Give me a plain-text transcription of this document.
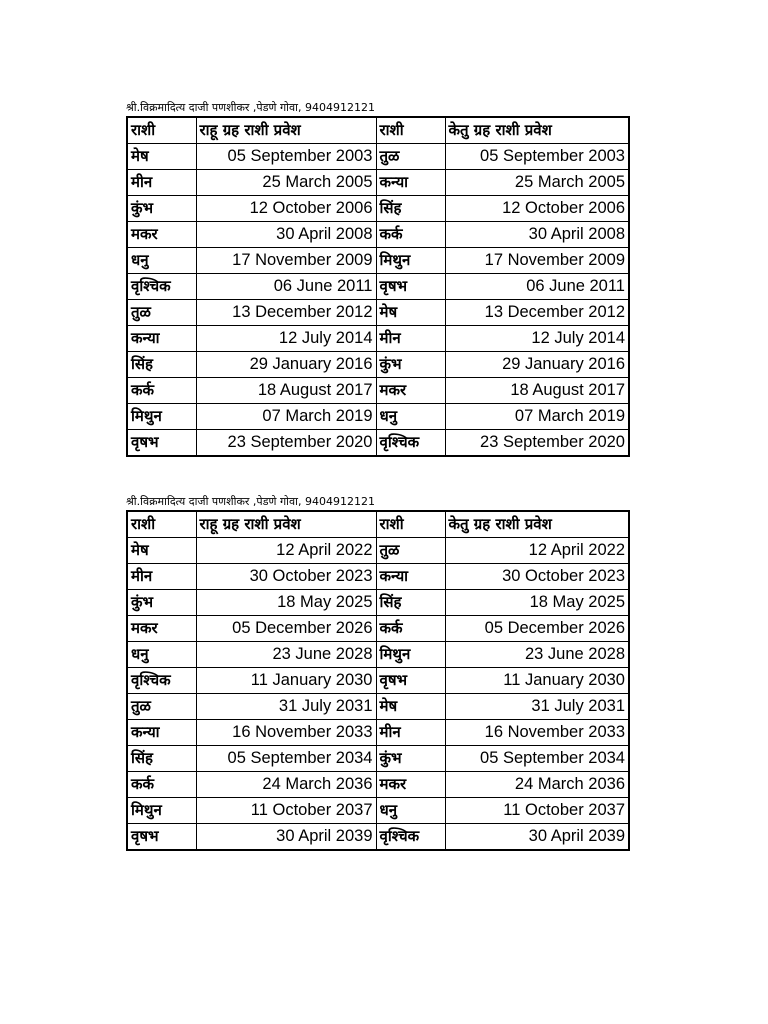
श्री.विक्रमादित्य दाजी पणशीकर ,पेडणे गोवा, 9404912121
राशी	राहू ग्रह राशी प्रवेश	राशी	केतु ग्रह राशी प्रवेश
मेष	05 September 2003	तुळ	05 September 2003
मीन	25 March 2005	कन्या	25 March 2005
कुंभ	12 October 2006	सिंह	12 October 2006
मकर	30 April 2008	कर्क	30 April 2008
धनु	17 November 2009	मिथुन	17 November 2009
वृश्चिक	06 June 2011	वृषभ	06 June 2011
तुळ	13 December 2012	मेष	13 December 2012
कन्या	12 July 2014	मीन	12 July 2014
सिंह	29 January 2016	कुंभ	29 January 2016
कर्क	18 August 2017	मकर	18 August 2017
मिथुन	07 March 2019	धनु	07 March 2019
वृषभ	23 September 2020	वृश्चिक	23 September 2020
श्री.विक्रमादित्य दाजी पणशीकर ,पेडणे गोवा, 9404912121
राशी	राहू ग्रह राशी प्रवेश	राशी	केतु ग्रह राशी प्रवेश
मेष	12 April 2022	तुळ	12 April 2022
मीन	30 October 2023	कन्या	30 October 2023
कुंभ	18 May 2025	सिंह	18 May 2025
मकर	05 December 2026	कर्क	05 December 2026
धनु	23 June 2028	मिथुन	23 June 2028
वृश्चिक	11 January 2030	वृषभ	11 January 2030
तुळ	31 July 2031	मेष	31 July 2031
कन्या	16 November 2033	मीन	16 November 2033
सिंह	05 September 2034	कुंभ	05 September 2034
कर्क	24 March 2036	मकर	24 March 2036
मिथुन	11 October 2037	धनु	11 October 2037
वृषभ	30 April 2039	वृश्चिक	30 April 2039
